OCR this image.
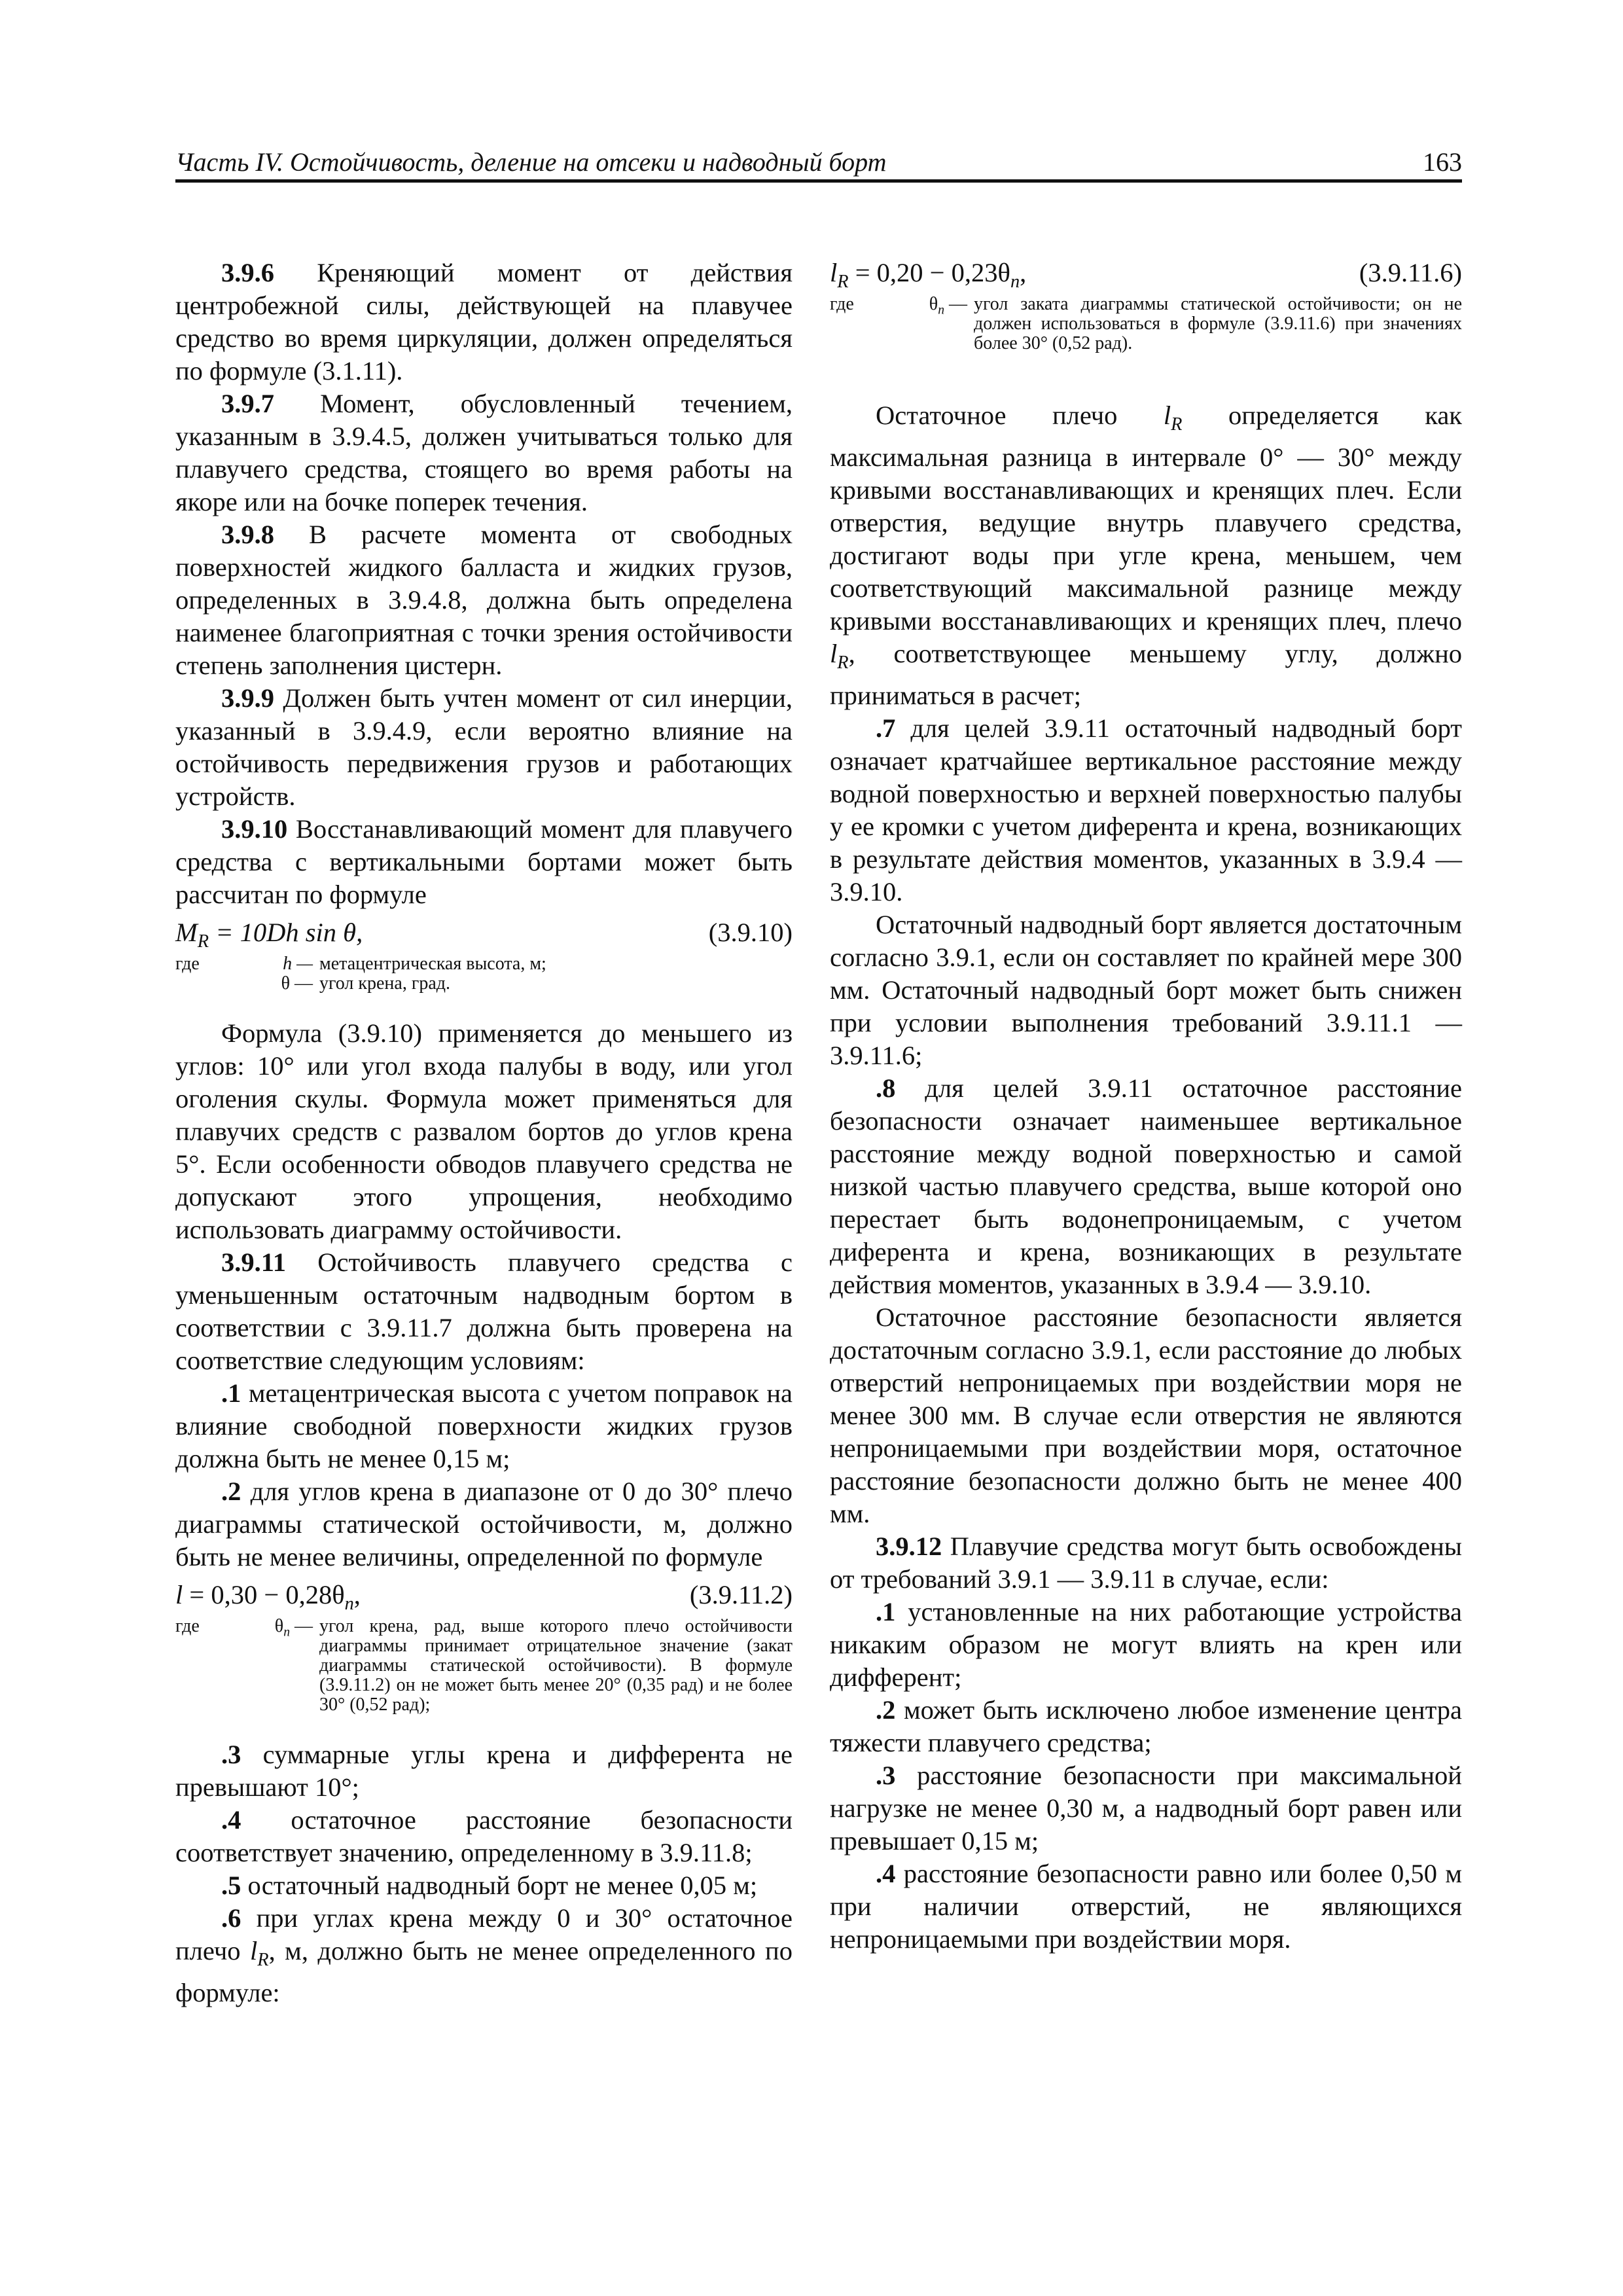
Часть IV. Остойчивость, деление на отсеки и надводный борт	163

3.9.6 Креняющий момент от действия центробежной силы, действующей на плавучее средство во время циркуляции, должен определяться по формуле (3.1.11).

3.9.7 Момент, обусловленный течением, указанным в 3.9.4.5, должен учитываться только для плавучего средства, стоящего во время работы на якоре или на бочке поперек течения.

3.9.8 В расчете момента от свободных поверхностей жидкого балласта и жидких грузов, определенных в 3.9.4.8, должна быть определена наименее благоприятная с точки зрения остойчивости степень заполнения цистерн.

3.9.9 Должен быть учтен момент от сил инерции, указанный в 3.9.4.9, если вероятно влияние на остойчивость передвижения грузов и работающих устройств.

3.9.10 Восстанавливающий момент для плавучего средства с вертикальными бортами может быть рассчитан по формуле

$M_R = 10Dh$ sin θ,	(3.9.10)
где	h —	метацентрическая высота, м;
	θ —	угол крена, град.

Формула (3.9.10) применяется до меньшего из углов: 10° или угол входа палубы в воду, или угол оголения скулы. Формула может применяться для плавучих средств с развалом бортов до углов крена 5°. Если особенности обводов плавучего средства не допускают этого упрощения, необходимо использовать диаграмму остойчивости.

3.9.11 Остойчивость плавучего средства с уменьшенным остаточным надводным бортом в соответствии с 3.9.11.7 должна быть проверена на соответствие следующим условиям:

.1 метацентрическая высота с учетом поправок на влияние свободной поверхности жидких грузов должна быть не менее 0,15 м;

.2 для углов крена в диапазоне от 0 до 30° плечо диаграммы статической остойчивости, м, должно быть не менее величины, определенной по формуле

$l = 0,30 - 0,28\theta_n$,	(3.9.11.2)
где	$\theta_n$ —	угол крена, рад, выше которого плечо остойчивости диаграммы принимает отрицательное значение (закат диаграммы статической остойчивости). В формуле (3.9.11.2) он не может быть менее 20° (0,35 рад) и не более 30° (0,52 рад);

.3 суммарные углы крена и дифферента не превышают 10°;

.4 остаточное расстояние безопасности соответствует значению, определенному в 3.9.11.8;

.5 остаточный надводный борт не менее 0,05 м;

.6 при углах крена между 0 и 30° остаточное плечо $l_R$, м, должно быть не менее определенного по формуле:

$l_R = 0,20 - 0,23\theta_n$,	(3.9.11.6)
где	$\theta_n$ —	угол заката диаграммы статической остойчивости; он не должен использоваться в формуле (3.9.11.6) при значениях более 30° (0,52 рад).

Остаточное плечо $l_R$ определяется как максимальная разница в интервале 0° — 30° между кривыми восстанавливающих и кренящих плеч. Если отверстия, ведущие внутрь плавучего средства, достигают воды при угле крена, меньшем, чем соответствующий максимальной разнице между кривыми восстанавливающих и кренящих плеч, плечо $l_R$, соответствующее меньшему углу, должно приниматься в расчет;

.7 для целей 3.9.11 остаточный надводный борт означает кратчайшее вертикальное расстояние между водной поверхностью и верхней поверхностью палубы у ее кромки с учетом диферента и крена, возникающих в результате действия моментов, указанных в 3.9.4 — 3.9.10.

Остаточный надводный борт является достаточным согласно 3.9.1, если он составляет по крайней мере 300 мм. Остаточный надводный борт может быть снижен при условии выполнения требований 3.9.11.1 — 3.9.11.6;

.8 для целей 3.9.11 остаточное расстояние безопасности означает наименьшее вертикальное расстояние между водной поверхностью и самой низкой частью плавучего средства, выше которой оно перестает быть водонепроницаемым, с учетом диферента и крена, возникающих в результате действия моментов, указанных в 3.9.4 — 3.9.10.

Остаточное расстояние безопасности является достаточным согласно 3.9.1, если расстояние до любых отверстий непроницаемых при воздействии моря не менее 300 мм. В случае если отверстия не являются непроницаемыми при воздействии моря, остаточное расстояние безопасности должно быть не менее 400 мм.

3.9.12 Плавучие средства могут быть освобождены от требований 3.9.1 — 3.9.11 в случае, если:

.1 установленные на них работающие устройства никаким образом не могут влиять на крен или дифферент;

.2 может быть исключено любое изменение центра тяжести плавучего средства;

.3 расстояние безопасности при максимальной нагрузке не менее 0,30 м, а надводный борт равен или превышает 0,15 м;

.4 расстояние безопасности равно или более 0,50 м при наличии отверстий, не являющихся непроницаемыми при воздействии моря.
